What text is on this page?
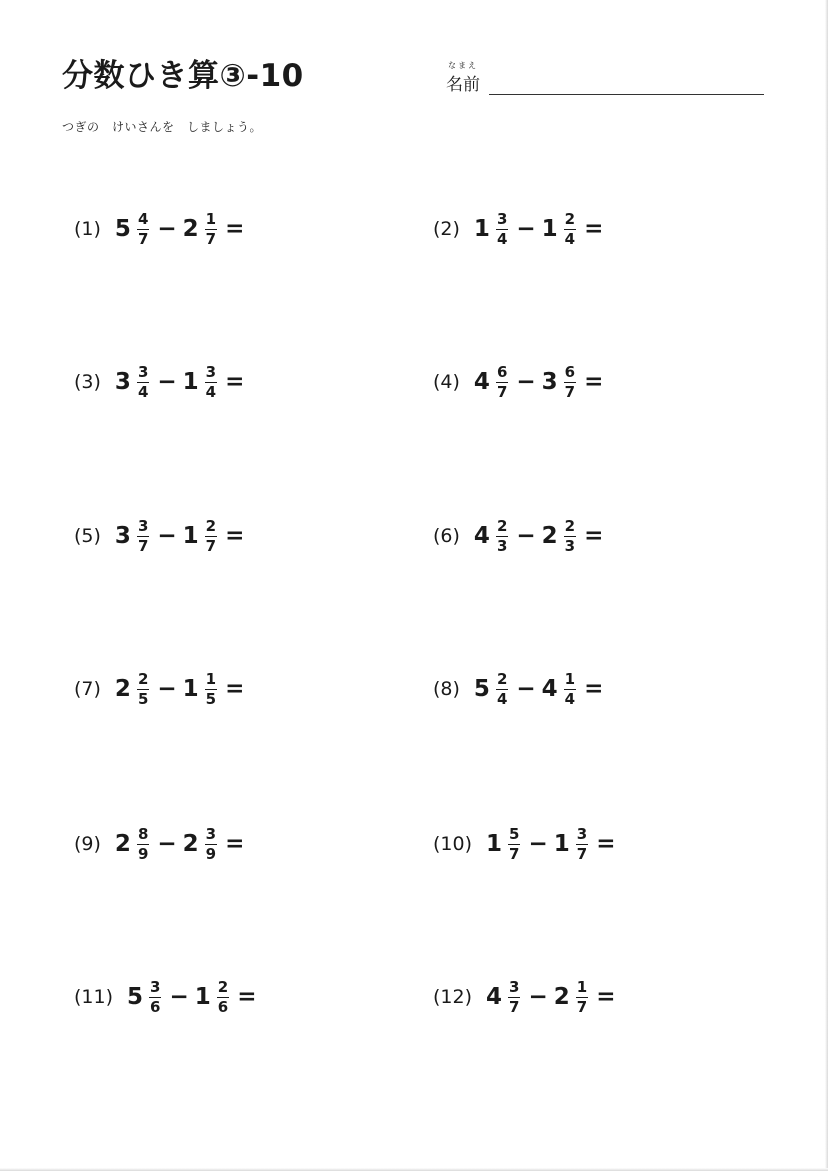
分数ひき算③-10	なまえ
名前
つぎの　けいさんを　しましょう。
(1) $5 \frac{4}{7} - 2 \frac{1}{7}$ =	(2) $1 \frac{3}{4} - 1 \frac{2}{4}$ =
(3) $3 \frac{3}{4} - 1 \frac{3}{4}$ =	(4) $4 \frac{6}{7} - 3 \frac{6}{7}$ =
(5) $3 \frac{3}{7} - 1 \frac{2}{7}$ =	(6) $4 \frac{2}{3} - 2 \frac{2}{3}$ =
(7) $2 \frac{2}{5} - 1 \frac{1}{5}$ =	(8) $5 \frac{2}{4} - 4 \frac{1}{4}$ =
(9) $2 \frac{8}{9} - 2 \frac{3}{9}$ =	(10) $1 \frac{5}{7} - 1 \frac{3}{7}$ =
(11) $5 \frac{3}{6} - 1 \frac{2}{6}$ =	(12) $4 \frac{3}{7} - 2 \frac{1}{7}$ =
